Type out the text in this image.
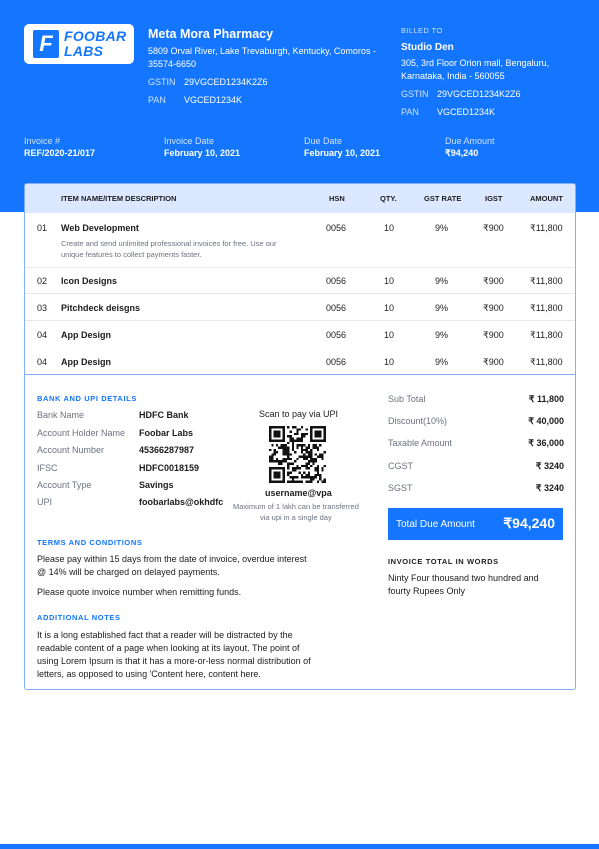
F FOOBAR
LABS
Meta Mora Pharmacy
5809 Orval River, Lake Trevaburgh, Kentucky, Comoros -
35574-6650
GSTIN 29VGCED1234K2Z6
PAN VGCED1234K
BILLED TO
Studio Den
305, 3rd Floor Orion mall, Bengaluru,
Karnataka, India - 560055
GSTIN 29VGCED1234K2Z6
PAN VGCED1234K
Invoice #
REF/2020-21/017
Invoice Date
February 10, 2021
Due Date
February 10, 2021
Due Amount
₹94,240
ITEM NAME/ITEM DESCRIPTION	HSN	QTY.	GST RATE	IGST	AMOUNT
01 Web Development
Create and send unlimited professional invoices for free. Use our
unique features to collect payments faster.
0056	10	9%	₹900	₹11,800
02 Icon Designs	0056	10	9%	₹900	₹11,800
03 Pitchdeck deisgns	0056	10	9%	₹900	₹11,800
04 App Design	0056	10	9%	₹900	₹11,800
04 App Design	0056	10	9%	₹900	₹11,800
BANK AND UPI DETAILS
Bank Name	HDFC Bank
Account Holder Name Foobar Labs
Account Number	45366287987
IFSC	HDFC0018159
Account Type	Savings
UPI	foobarlabs@okhdfc
Scan to pay via UPI
username@vpa
Maximum of 1 lakh can be transferred
via upi in a single day
Sub Total	₹ 11,800
Discount(10%)	₹ 40,000
Taxable Amount	₹ 36,000
CGST	₹ 3240
SGST	₹ 3240
Total Due Amount ₹94,240
INVOICE TOTAL IN WORDS
Ninty Four thousand two hundred and
fourty Rupees Only
TERMS AND CONDITIONS
Please pay within 15 days from the date of invoice, overdue interest
@ 14% will be charged on delayed payments.
Please quote invoice number when remitting funds.
ADDITIONAL NOTES
It is a long established fact that a reader will be distracted by the
readable content of a page when looking at its layout. The point of
using Lorem Ipsum is that it has a more-or-less normal distribution of
letters, as opposed to using 'Content here, content here.
